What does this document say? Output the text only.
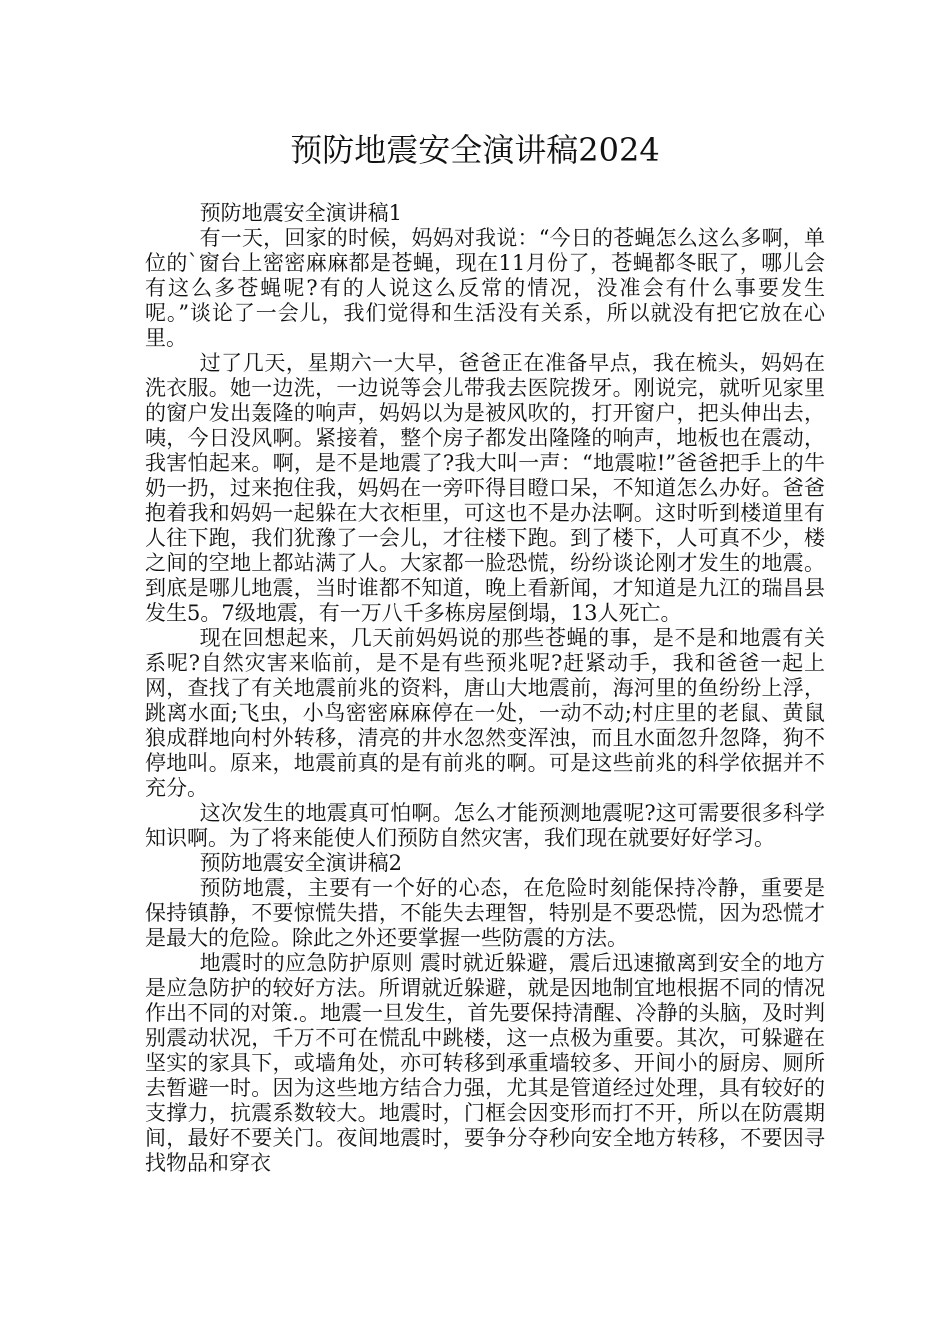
预防地震安全演讲稿2024

预防地震安全演讲稿1

有一天，回家的时候，妈妈对我说：“今日的苍蝇怎么这么多啊，单位的`窗台上密密麻麻都是苍蝇，现在11月份了，苍蝇都冬眠了，哪儿会有这么多苍蝇呢?有的人说这么反常的情况，没准会有什么事要发生呢。”谈论了一会儿，我们觉得和生活没有关系，所以就没有把它放在心里。

过了几天，星期六一大早，爸爸正在准备早点，我在梳头，妈妈在洗衣服。她一边洗，一边说等会儿带我去医院拨牙。刚说完，就听见家里的窗户发出轰隆的响声，妈妈以为是被风吹的，打开窗户，把头伸出去，咦，今日没风啊。紧接着，整个房子都发出隆隆的响声，地板也在震动，我害怕起来。啊，是不是地震了?我大叫一声：“地震啦!”爸爸把手上的牛奶一扔，过来抱住我，妈妈在一旁吓得目瞪口呆，不知道怎么办好。爸爸抱着我和妈妈一起躲在大衣柜里，可这也不是办法啊。这时听到楼道里有人往下跑，我们犹豫了一会儿，才往楼下跑。到了楼下，人可真不少，楼之间的空地上都站满了人。大家都一脸恐慌，纷纷谈论刚才发生的地震。到底是哪儿地震，当时谁都不知道，晚上看新闻，才知道是九江的瑞昌县发生5。7级地震，有一万八千多栋房屋倒塌，13人死亡。

现在回想起来，几天前妈妈说的那些苍蝇的事，是不是和地震有关系呢?自然灾害来临前，是不是有些预兆呢?赶紧动手，我和爸爸一起上网，查找了有关地震前兆的资料，唐山大地震前，海河里的鱼纷纷上浮，跳离水面;飞虫，小鸟密密麻麻停在一处，一动不动;村庄里的老鼠、黄鼠狼成群地向村外转移，清亮的井水忽然变浑浊，而且水面忽升忽降，狗不停地叫。原来，地震前真的是有前兆的啊。可是这些前兆的科学依据并不充分。

这次发生的地震真可怕啊。怎么才能预测地震呢?这可需要很多科学知识啊。为了将来能使人们预防自然灾害，我们现在就要好好学习。

预防地震安全演讲稿2

预防地震，主要有一个好的心态，在危险时刻能保持冷静，重要是保持镇静，不要惊慌失措，不能失去理智，特别是不要恐慌，因为恐慌才是最大的危险。除此之外还要掌握一些防震的方法。

地震时的应急防护原则 震时就近躲避，震后迅速撤离到安全的地方是应急防护的较好方法。所谓就近躲避，就是因地制宜地根据不同的情况作出不同的对策.。地震一旦发生，首先要保持清醒、冷静的头脑，及时判别震动状况，千万不可在慌乱中跳楼，这一点极为重要。其次，可躲避在坚实的家具下，或墙角处，亦可转移到承重墙较多、开间小的厨房、厕所去暂避一时。因为这些地方结合力强，尤其是管道经过处理，具有较好的支撑力，抗震系数较大。地震时，门框会因变形而打不开，所以在防震期间，最好不要关门。夜间地震时，要争分夺秒向安全地方转移，不要因寻找物品和穿衣
